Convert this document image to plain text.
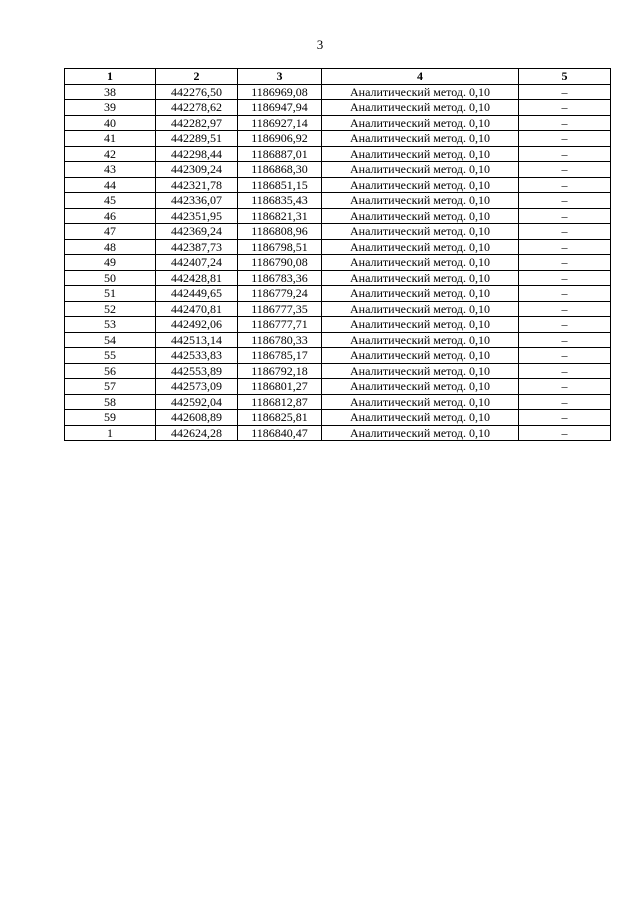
3
1	2	3	4	5
38	442276,50	1186969,08	Аналитический метод. 0,10	–
39	442278,62	1186947,94	Аналитический метод. 0,10	–
40	442282,97	1186927,14	Аналитический метод. 0,10	–
41	442289,51	1186906,92	Аналитический метод. 0,10	–
42	442298,44	1186887,01	Аналитический метод. 0,10	–
43	442309,24	1186868,30	Аналитический метод. 0,10	–
44	442321,78	1186851,15	Аналитический метод. 0,10	–
45	442336,07	1186835,43	Аналитический метод. 0,10	–
46	442351,95	1186821,31	Аналитический метод. 0,10	–
47	442369,24	1186808,96	Аналитический метод. 0,10	–
48	442387,73	1186798,51	Аналитический метод. 0,10	–
49	442407,24	1186790,08	Аналитический метод. 0,10	–
50	442428,81	1186783,36	Аналитический метод. 0,10	–
51	442449,65	1186779,24	Аналитический метод. 0,10	–
52	442470,81	1186777,35	Аналитический метод. 0,10	–
53	442492,06	1186777,71	Аналитический метод. 0,10	–
54	442513,14	1186780,33	Аналитический метод. 0,10	–
55	442533,83	1186785,17	Аналитический метод. 0,10	–
56	442553,89	1186792,18	Аналитический метод. 0,10	–
57	442573,09	1186801,27	Аналитический метод. 0,10	–
58	442592,04	1186812,87	Аналитический метод. 0,10	–
59	442608,89	1186825,81	Аналитический метод. 0,10	–
1	442624,28	1186840,47	Аналитический метод. 0,10	–
